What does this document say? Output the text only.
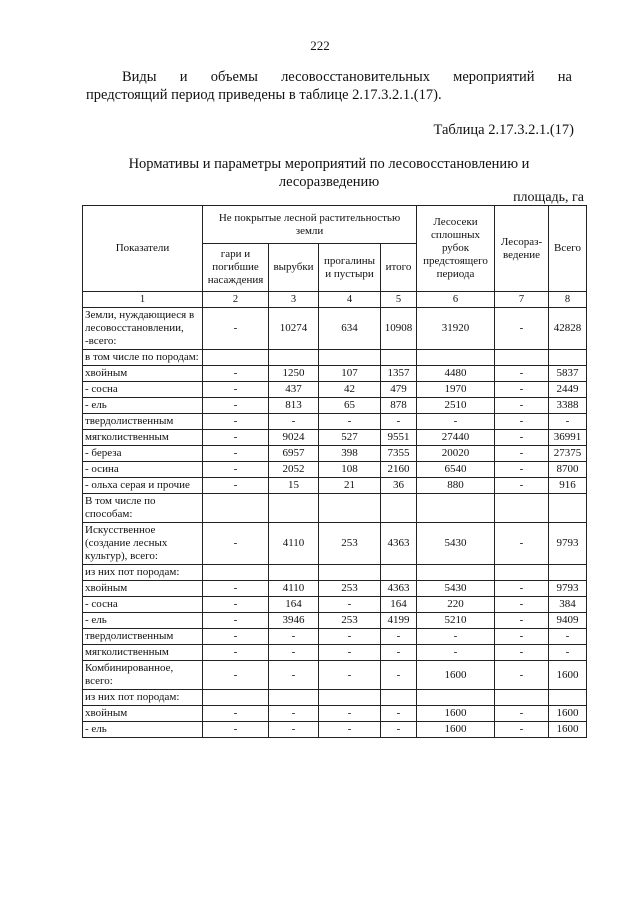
222
Виды и объемы лесовосстановительных мероприятий на
предстоящий период приведены в таблице 2.17.3.2.1.(17).
Таблица 2.17.3.2.1.(17)
Нормативы и параметры мероприятий по лесовосстановлению и
лесоразведению
площадь, га
Показатели	Не покрытые лесной растительностью земли				Лесосеки сплошных рубок предстоящего периода	Лесораз-ведение	Всего
	гари и погибшие насаждения	вырубки	прогалины и пустыри	итого			
1	2	3	4	5	6	7	8
Земли, нуждающиеся в лесовосстановлении, -всего:	-	10274	634	10908	31920	-	42828
в том числе по породам:							
хвойным	-	1250	107	1357	4480	-	5837
- сосна	-	437	42	479	1970	-	2449
- ель	-	813	65	878	2510	-	3388
твердолиственным	-	-	-	-	-	-	-
мягколиственным	-	9024	527	9551	27440	-	36991
- береза	-	6957	398	7355	20020	-	27375
- осина	-	2052	108	2160	6540	-	8700
- ольха серая и прочие	-	15	21	36	880	-	916
В том числе по способам:							
Искусственное (создание лесных культур), всего:	-	4110	253	4363	5430	-	9793
из них пот породам:							
хвойным	-	4110	253	4363	5430	-	9793
- сосна	-	164	-	164	220	-	384
- ель	-	3946	253	4199	5210	-	9409
твердолиственным	-	-	-	-	-	-	-
мягколиственным	-	-	-	-	-	-	-
Комбинированное, всего:	-	-	-	-	1600	-	1600
из них пот породам:							
хвойным	-	-	-	-	1600	-	1600
- ель	-	-	-	-	1600	-	1600
